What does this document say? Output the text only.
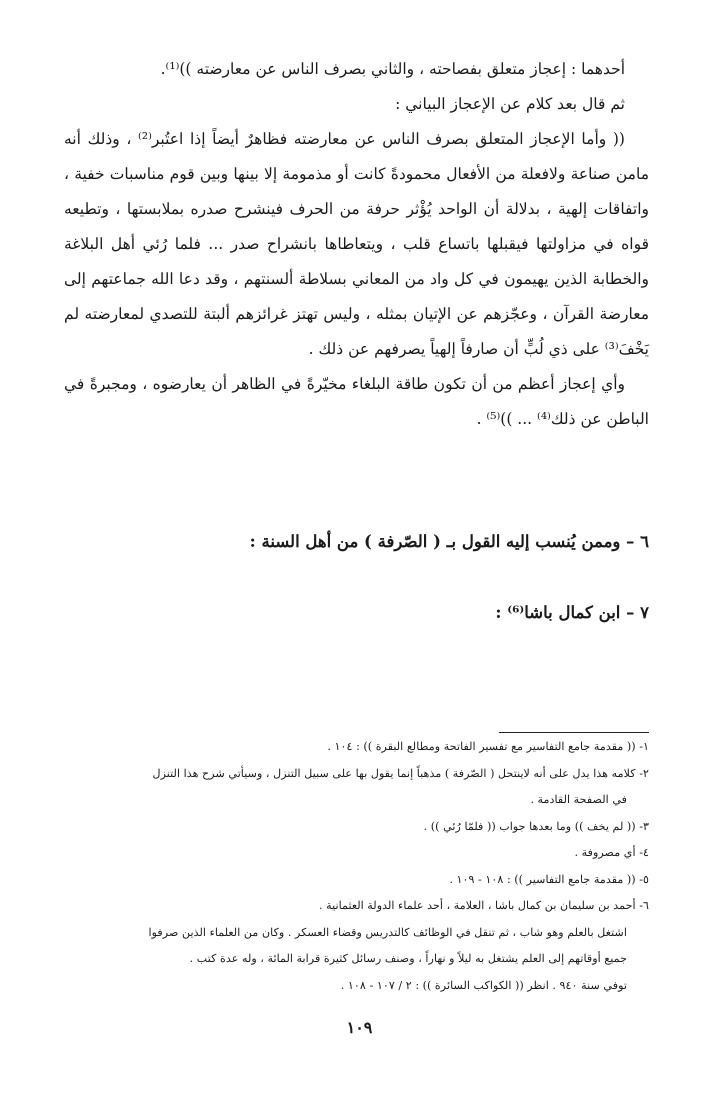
أحدهما : إعجاز متعلق بفصاحته ، والثاني بصرف الناس عن معارضته ))⁽¹⁾.

ثم قال بعد كلام عن الإعجاز البياني :

(( وأما الإعجاز المتعلق بصرف الناس عن معارضته فظاهرٌ أيضاً إذا اعتُبر⁽²⁾ ، وذلك أنه مامن صناعة ولافعلة من الأفعال محمودةً كانت أو مذمومة إلا بينها وبين قوم مناسبات خفية ، واتفاقات إلهية ، بدلالة أن الواحد يُؤْثر حرفة من الحرف فينشرح صدره بملابستها ، وتطيعه قواه في مزاولتها فيقبلها باتساع قلب ، ويتعاطاها بانشراح صدر ... فلما رُئي أهل البلاغة والخطابة الذين يهيمون في كل واد من المعاني بسلاطة ألسنتهم ، وقد دعا الله جماعتهم إلى معارضة القرآن ، وعجّزهم عن الإتيان بمثله ، وليس تهتز غرائزهم ألبتة للتصدي لمعارضته لم يَخْفَ⁽³⁾ على ذي لُبٍّ أن صارفاً إلهياً يصرفهم عن ذلك .

وأي إعجاز أعظم من أن تكون طاقة البلغاء مخيّرةً في الظاهر أن يعارضوه ، ومجبرةً في الباطن عن ذلك⁽⁴⁾ ... ))⁽⁵⁾ .

٦ – وممن يُنسب إليه القول بـ ( الصّرفة ) من أهل السنة :
٧ – ابن كمال باشا⁽⁶⁾ :

١- (( مقدمة جامع التفاسير مع تفسير الفاتحة ومطالع البقرة )) : ١٠٤ .

٢- كلامه هذا يدل على أنه لاينتحل ( الصّرفة ) مذهباً إنما يقول بها على سبيل التنزل ، وسيأتي شرح هذا التنزل

في الصفحة القادمة .

٣- (( لم يخف )) وما بعدها جواب (( فلمّا رُئي )) .

٤- أي مصروفة .

٥- (( مقدمة جامع التفاسير )) : ١٠٨ - ١٠٩ .

٦- أحمد بن سليمان بن كمال باشا ، العلامة ، أحد علماء الدولة العثمانية .

اشتغل بالعلم وهو شاب ، ثم تنقل في الوظائف كالتدريس وقضاء العسكر . وكان من العلماء الذين صرفوا

جميع أوقاتهم إلى العلم يشتغل به ليلاً و نهاراً ، وصنف رسائل كثيرة قرابة المائة ، وله عدة كتب .

توفي سنة ٩٤٠ . انظر (( الكواكب السائرة )) : ٢ / ١٠٧ - ١٠٨ .

١٠٩
